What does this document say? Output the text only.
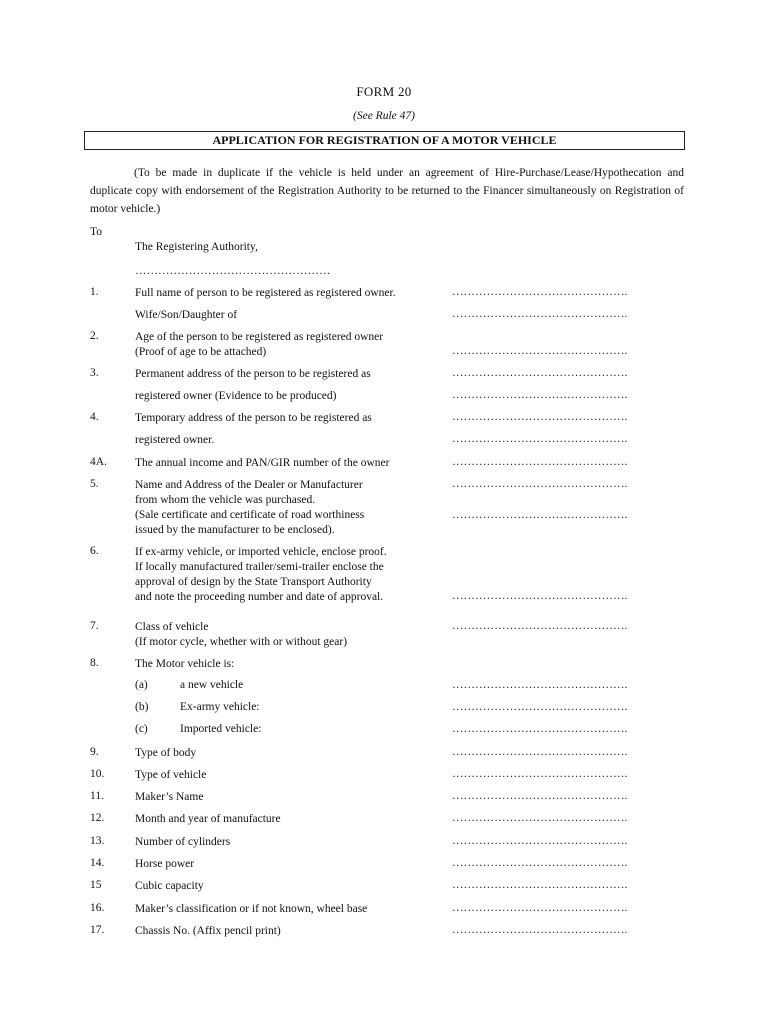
FORM 20
(See Rule 47)
APPLICATION FOR REGISTRATION OF A MOTOR VEHICLE
(To be made in duplicate if the vehicle is held under an agreement of Hire-Purchase/Lease/Hypothecation and duplicate copy with endorsement of the Registration Authority to be returned to the Financer simultaneously on Registration of motor vehicle.)
To
The Registering Authority,
……………………………………………
1.	Full name of person to be registered as registered owner.	……………………………………….
Wife/Son/Daughter of	……………………………………….
2.	Age of the person to be registered as registered owner
(Proof of age to be attached)	……………………………………….
3.	Permanent address of the person to be registered as	……………………………………….
registered owner (Evidence to be produced)	……………………………………….
4.	Temporary address of the person to be registered as	……………………………………….
registered owner.	……………………………………….
4A. The annual income and PAN/GIR number of the owner	……………………………………….
5.	Name and Address of the Dealer or Manufacturer	……………………………………….
from whom the vehicle was purchased.
(Sale certificate and certificate of road worthiness	……………………………………….
issued by the manufacturer to be enclosed).
6.	If ex-army vehicle, or imported vehicle, enclose proof.
If locally manufactured trailer/semi-trailer enclose the
approval of design by the State Transport Authority
and note the proceeding number and date of approval.	……………………………………….
7.	Class of vehicle	……………………………………….
(If motor cycle, whether with or without gear)
8.	The Motor vehicle is:
(a)	a new vehicle	……………………………………….
(b)	Ex-army vehicle:	……………………………………….
(c)	Imported vehicle:	……………………………………….
9.	Type of body	……………………………………….
10.	Type of vehicle	……………………………………….
11.	Maker’s Name	……………………………………….
12.	Month and year of manufacture	……………………………………….
13.	Number of cylinders	……………………………………….
14.	Horse power	……………………………………….
15	Cubic capacity	……………………………………….
16.	Maker’s classification or if not known, wheel base	……………………………………….
17.	Chassis No. (Affix pencil print)	……………………………………….
